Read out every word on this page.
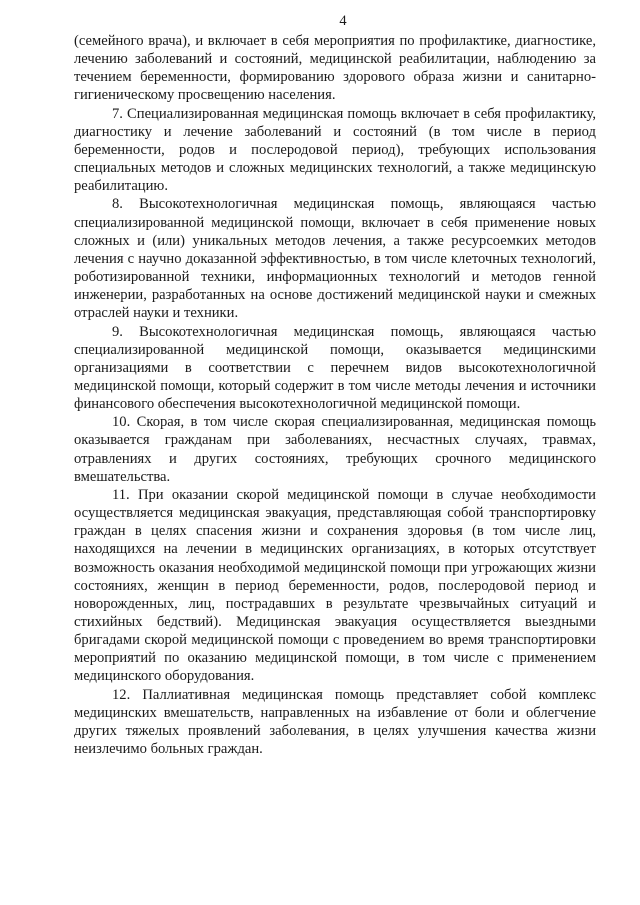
4

(семейного врача), и включает в себя мероприятия по профилактике, диагностике, лечению заболеваний и состояний, медицинской реабилитации, наблюдению за течением беременности, формированию здорового образа жизни и санитарно-гигиеническому просвещению населения.

7. Специализированная медицинская помощь включает в себя профилактику, диагностику и лечение заболеваний и состояний (в том числе в период беременности, родов и послеродовой период), требующих использования специальных методов и сложных медицинских технологий, а также медицинскую реабилитацию.

8. Высокотехнологичная медицинская помощь, являющаяся частью специализированной медицинской помощи, включает в себя применение новых сложных и (или) уникальных методов лечения, а также ресурсоемких методов лечения с научно доказанной эффективностью, в том числе клеточных технологий, роботизированной техники, информационных технологий и методов генной инженерии, разработанных на основе достижений медицинской науки и смежных отраслей науки и техники.

9. Высокотехнологичная медицинская помощь, являющаяся частью специализированной медицинской помощи, оказывается медицинскими организациями в соответствии с перечнем видов высокотехнологичной медицинской помощи, который содержит в том числе методы лечения и источники финансового обеспечения высокотехнологичной медицинской помощи.

10. Скорая, в том числе скорая специализированная, медицинская помощь оказывается гражданам при заболеваниях, несчастных случаях, травмах, отравлениях и других состояниях, требующих срочного медицинского вмешательства.

11. При оказании скорой медицинской помощи в случае необходимости осуществляется медицинская эвакуация, представляющая собой транспортировку граждан в целях спасения жизни и сохранения здоровья (в том числе лиц, находящихся на лечении в медицинских организациях, в которых отсутствует возможность оказания необходимой медицинской помощи при угрожающих жизни состояниях, женщин в период беременности, родов, послеродовой период и новорожденных, лиц, пострадавших в результате чрезвычайных ситуаций и стихийных бедствий). Медицинская эвакуация осуществляется выездными бригадами скорой медицинской помощи с проведением во время транспортировки мероприятий по оказанию медицинской помощи, в том числе с применением медицинского оборудования.

12. Паллиативная медицинская помощь представляет собой комплекс медицинских вмешательств, направленных на избавление от боли и облегчение других тяжелых проявлений заболевания, в целях улучшения качества жизни неизлечимо больных граждан.
